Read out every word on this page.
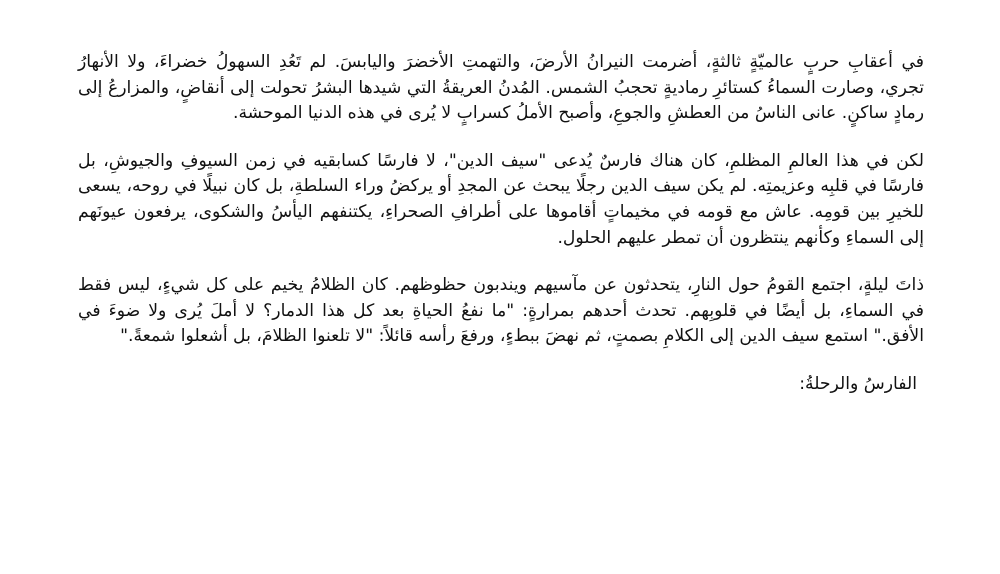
في أعقابِ حربٍ عالميّةٍ ثالثةٍ، أضرمت النيرانُ الأرضَ، والتهمتِ الأخضرَ واليابسَ. لم تَعُدِ السهولُ خضراءَ، ولا الأنهارُ تجري، وصارت السماءُ كستائرِ رماديةٍ تحجبُ الشمس. المُدنُ العريقةُ التي شيدها البشرُ تحولت إلى أنقاضٍ، والمزارعُ إلى رمادٍ ساكنٍ. عانى الناسُ من العطشِ والجوعِ، وأصبح الأملُ كسرابٍ لا يُرى في هذه الدنيا الموحشة.

لكن في هذا العالمِ المظلمِ، كان هناك فارسٌ يُدعى "سيف الدين"، لا فارسًا كسابقيه في زمن السيوفِ والجيوشِ، بل فارسًا في قلبِه وعزيمتِه. لم يكن سيف الدين رجلًا يبحث عن المجدِ أو يركضُ وراء السلطةِ، بل كان نبيلًا في روحه، يسعى للخيرِ بين قومِه. عاش مع قومه في مخيماتٍ أقاموها على أطرافِ الصحراءِ، يكتنفهم اليأسُ والشكوى، يرفعون عيونَهم إلى السماءِ وكأنهم ينتظرون أن تمطر عليهم الحلول.

ذاتَ ليلةٍ، اجتمع القومُ حول النارِ، يتحدثون عن مآسيهم ويندبون حظوظهم. كان الظلامُ يخيم على كل شيءٍ، ليس فقط في السماءِ، بل أيضًا في قلوبِهم. تحدث أحدهم بمرارةٍ: "ما نفعُ الحياةِ بعد كل هذا الدمار؟ لا أملَ يُرى ولا ضوءَ في الأفق." استمع سيف الدين إلى الكلامِ بصمتٍ، ثم نهضَ ببطءٍ، ورفعَ رأسه قائلاً: "لا تلعنوا الظلامَ، بل أشعلوا شمعةً."

الفارسُ والرحلةُ:
